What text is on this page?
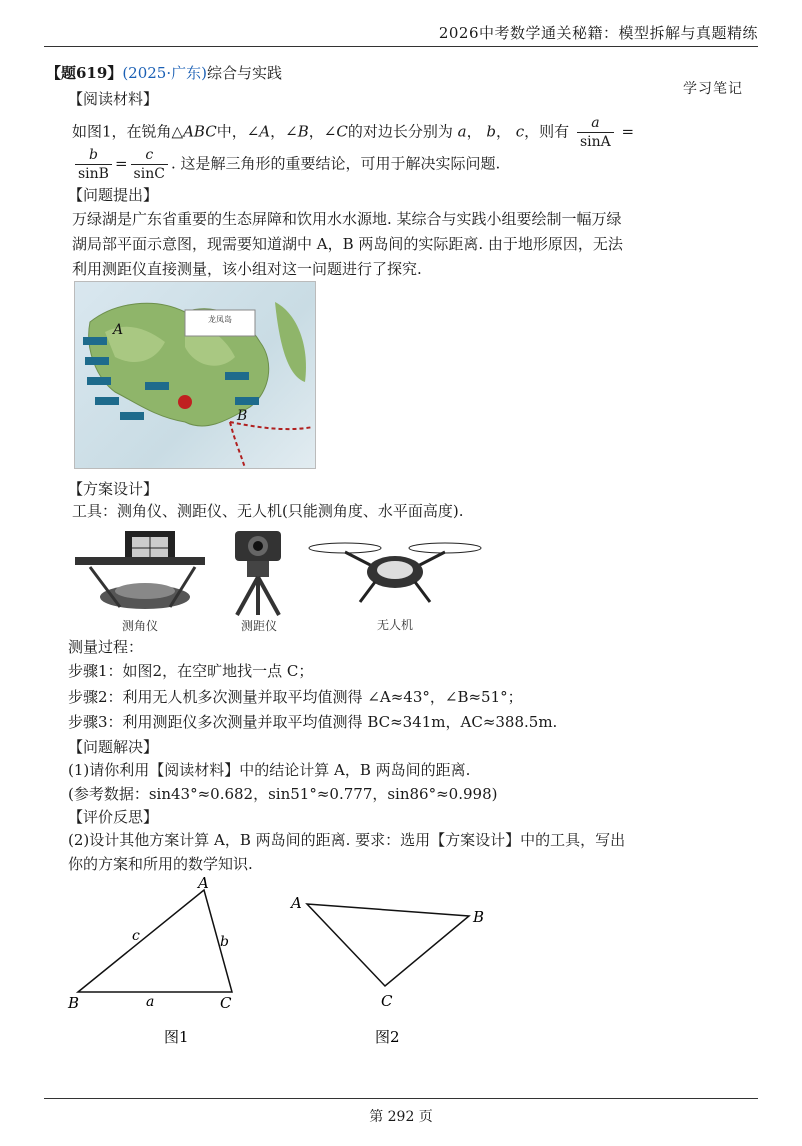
2026中考数学通关秘籍：模型拆解与真题精练
学习笔记
【题619】(2025·广东)综合与实践
【阅读材料】
如图1，在锐角△ABC中，∠A，∠B，∠C的对边长分别为 a， b， c，则有 $\frac{a}{\sin A}$ =
$\frac{b}{\sin B} = \frac{c}{\sin C}$ . 这是解三角形的重要结论，可用于解决实际问题.
【问题提出】
万绿湖是广东省重要的生态屏障和饮用水水源地. 某综合与实践小组要绘制一幅万绿
湖局部平面示意图，现需要知道湖中 A，B 两岛间的实际距离. 由于地形原因，无法
利用测距仪直接测量，该小组对这一问题进行了探究.
龙凤岛
A
B
【方案设计】
工具：测角仪、测距仪、无人机(只能测角度、水平面高度).
测角仪	测距仪	无人机
测量过程：
步骤1：如图2，在空旷地找一点 C；
步骤2：利用无人机多次测量并取平均值测得 ∠A≈43°，∠B≈51°；
步骤3：利用测距仪多次测量并取平均值测得 BC≈341m，AC≈388.5m.
【问题解决】
(1)请你利用【阅读材料】中的结论计算 A，B 两岛间的距离.
(参考数据：sin43°≈0.682，sin51°≈0.777，sin86°≈0.998)
【评价反思】
(2)设计其他方案计算 A，B 两岛间的距离. 要求：选用【方案设计】中的工具，写出
你的方案和所用的数学知识.
A
B	C
a
b
c
图1
A
B
C
图2
第 292 页
